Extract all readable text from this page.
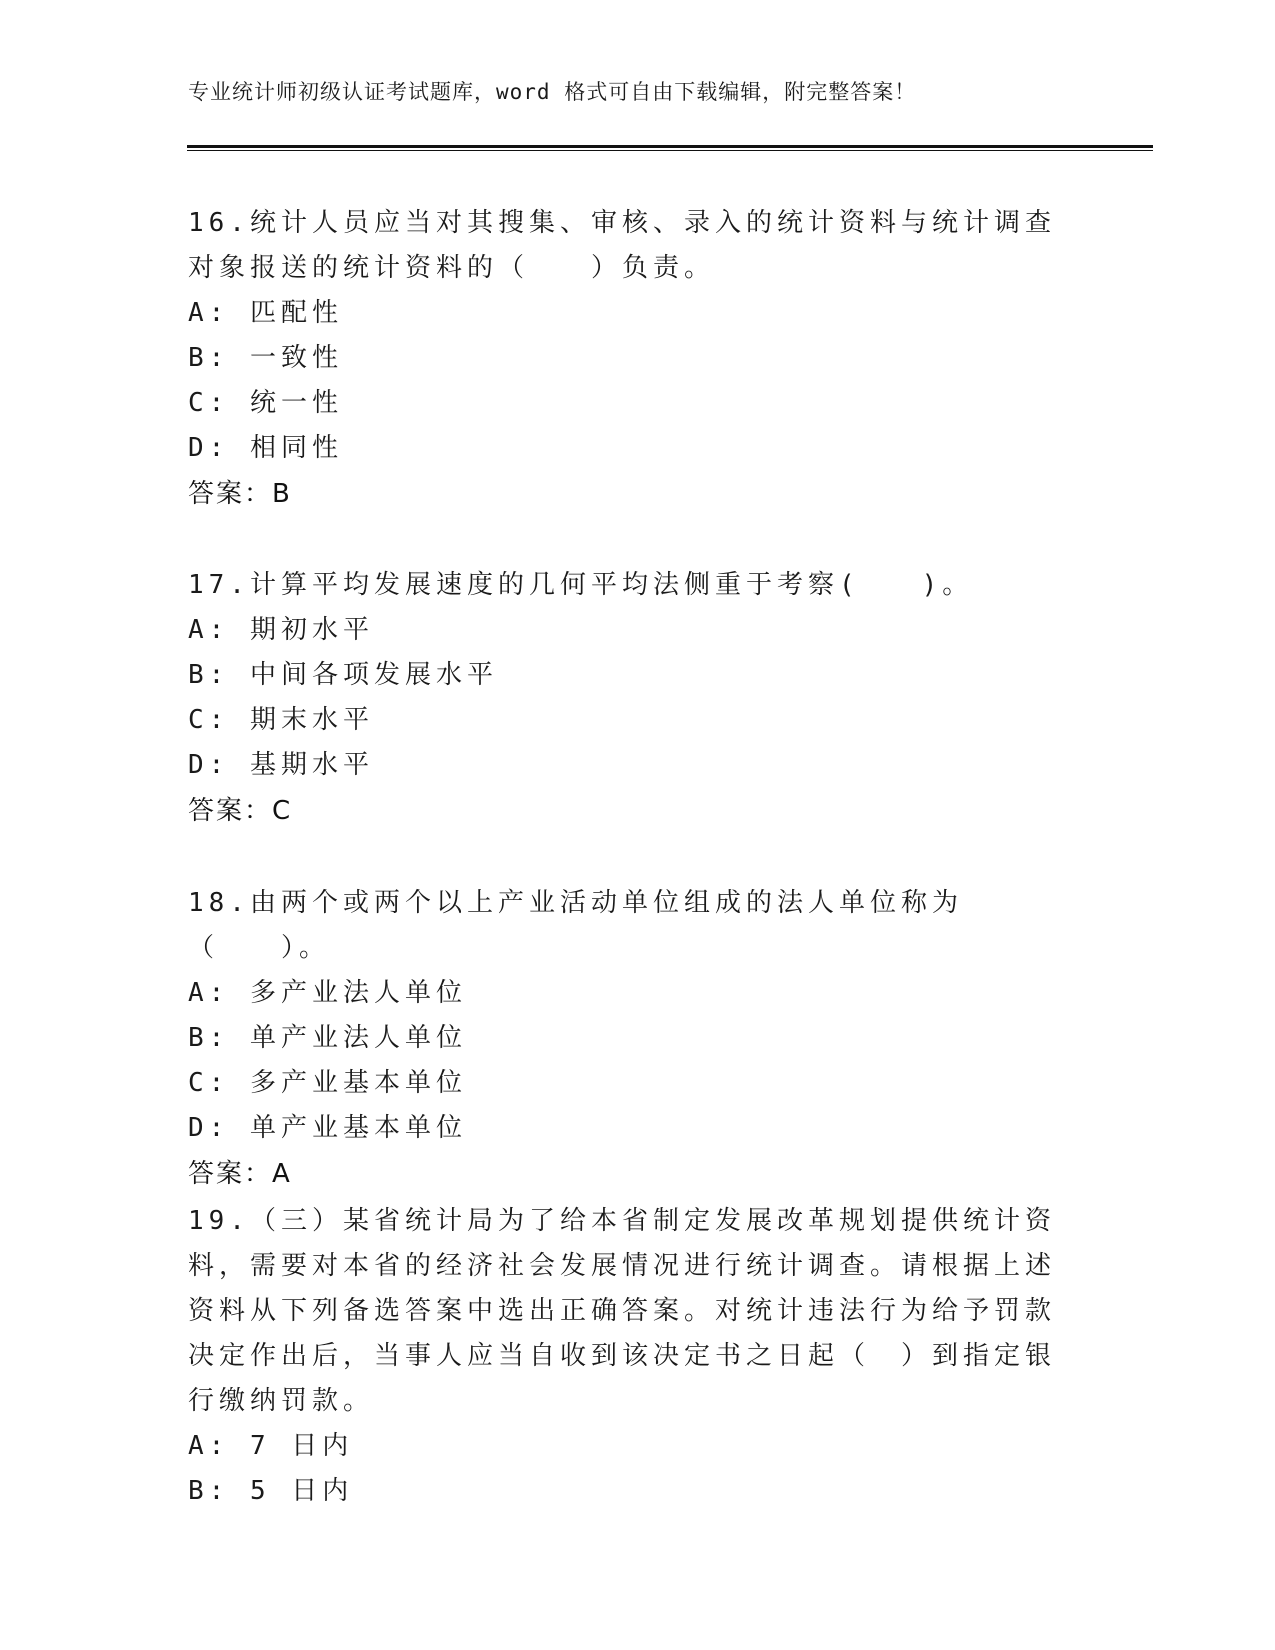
专业统计师初级认证考试题库，word 格式可自由下载编辑，附完整答案！

16.统计人员应当对其搜集、审核、录入的统计资料与统计调查对象报送的统计资料的（　　）负责。

A: 匹配性

B: 一致性

C: 统一性

D: 相同性

答案：B

17.计算平均发展速度的几何平均法侧重于考察(　　)。

A: 期初水平

B: 中间各项发展水平

C: 期末水平

D: 基期水平

答案：C

18.由两个或两个以上产业活动单位组成的法人单位称为（　　）。

A: 多产业法人单位

B: 单产业法人单位

C: 多产业基本单位

D: 单产业基本单位

答案：A

19.（三）某省统计局为了给本省制定发展改革规划提供统计资料，需要对本省的经济社会发展情况进行统计调查。请根据上述资料从下列备选答案中选出正确答案。对统计违法行为给予罚款决定作出后，当事人应当自收到该决定书之日起（　）到指定银行缴纳罚款。

A: 7 日内

B: 5 日内
